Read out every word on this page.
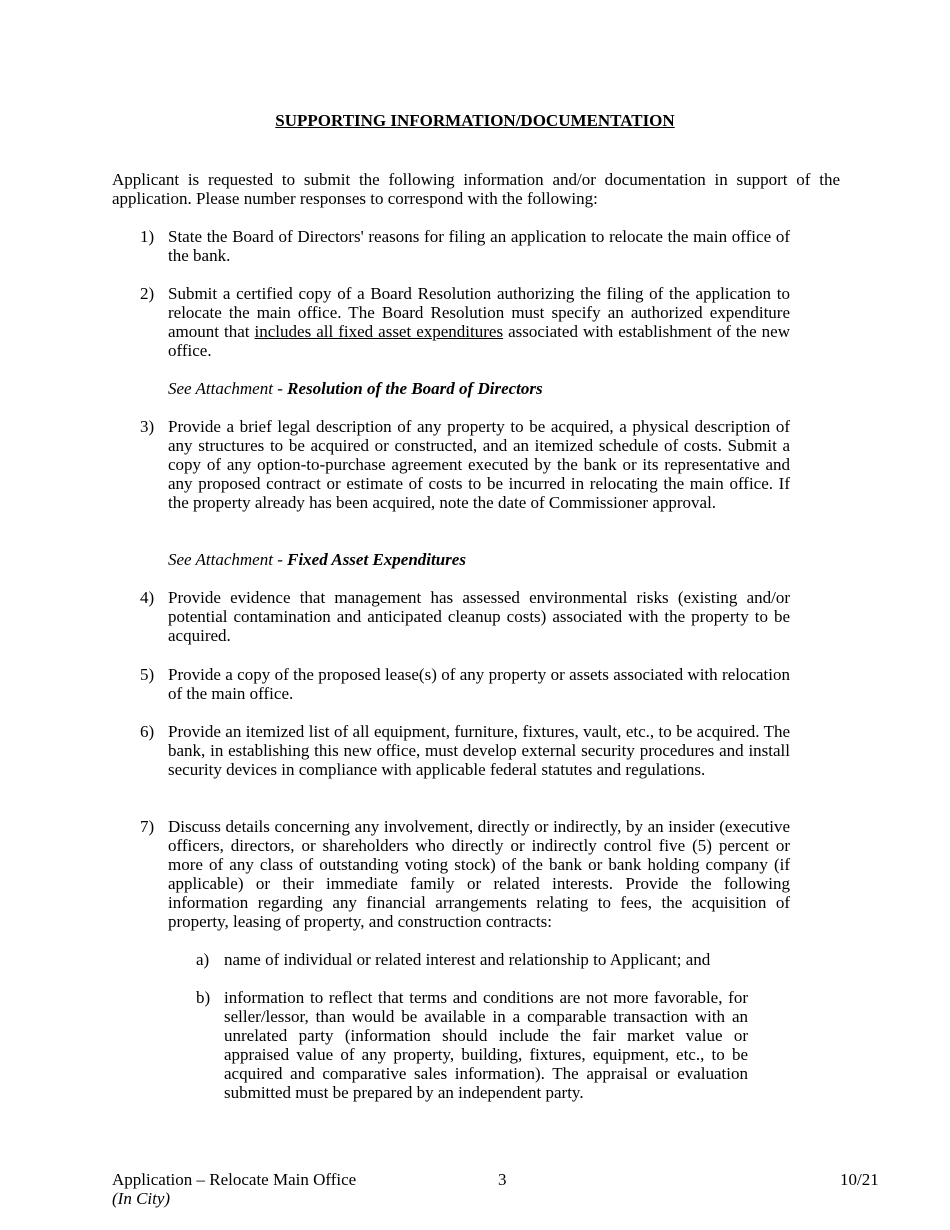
SUPPORTING INFORMATION/DOCUMENTATION
Applicant is requested to submit the following information and/or documentation in support of the application. Please number responses to correspond with the following:
1) State the Board of Directors' reasons for filing an application to relocate the main office of the bank.
2) Submit a certified copy of a Board Resolution authorizing the filing of the application to relocate the main office. The Board Resolution must specify an authorized expenditure amount that includes all fixed asset expenditures associated with establishment of the new office.
See Attachment - Resolution of the Board of Directors
3) Provide a brief legal description of any property to be acquired, a physical description of any structures to be acquired or constructed, and an itemized schedule of costs. Submit a copy of any option-to-purchase agreement executed by the bank or its representative and any proposed contract or estimate of costs to be incurred in relocating the main office. If the property already has been acquired, note the date of Commissioner approval.
See Attachment - Fixed Asset Expenditures
4) Provide evidence that management has assessed environmental risks (existing and/or potential contamination and anticipated cleanup costs) associated with the property to be acquired.
5) Provide a copy of the proposed lease(s) of any property or assets associated with relocation of the main office.
6) Provide an itemized list of all equipment, furniture, fixtures, vault, etc., to be acquired. The bank, in establishing this new office, must develop external security procedures and install security devices in compliance with applicable federal statutes and regulations.
7) Discuss details concerning any involvement, directly or indirectly, by an insider (executive officers, directors, or shareholders who directly or indirectly control five (5) percent or more of any class of outstanding voting stock) of the bank or bank holding company (if applicable) or their immediate family or related interests. Provide the following information regarding any financial arrangements relating to fees, the acquisition of property, leasing of property, and construction contracts:
a) name of individual or related interest and relationship to Applicant; and
b) information to reflect that terms and conditions are not more favorable, for seller/lessor, than would be available in a comparable transaction with an unrelated party (information should include the fair market value or appraised value of any property, building, fixtures, equipment, etc., to be acquired and comparative sales information). The appraisal or evaluation submitted must be prepared by an independent party.
Application – Relocate Main Office
(In City)
3	10/21
